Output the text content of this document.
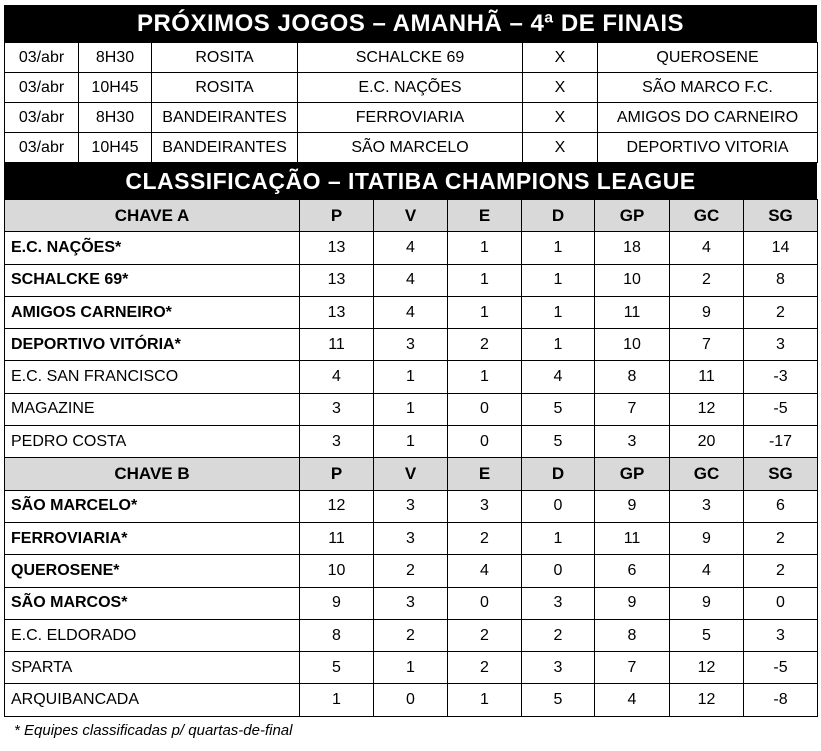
PRÓXIMOS JOGOS – AMANHÃ – 4ª DE FINAIS
03/abr	8H30	ROSITA	SCHALCKE 69	X	QUEROSENE
03/abr	10H45	ROSITA	E.C. NAÇÕES	X	SÃO MARCO F.C.
03/abr	8H30	BANDEIRANTES	FERROVIARIA	X	AMIGOS DO CARNEIRO
03/abr	10H45	BANDEIRANTES	SÃO MARCELO	X	DEPORTIVO VITORIA
CLASSIFICAÇÃO – ITATIBA CHAMPIONS LEAGUE
CHAVE A	P	V	E	D	GP	GC	SG
E.C. NAÇÕES*	13	4	1	1	18	4	14
SCHALCKE 69*	13	4	1	1	10	2	8
AMIGOS CARNEIRO*	13	4	1	1	11	9	2
DEPORTIVO VITÓRIA*	11	3	2	1	10	7	3
E.C. SAN FRANCISCO	4	1	1	4	8	11	-3
MAGAZINE	3	1	0	5	7	12	-5
PEDRO COSTA	3	1	0	5	3	20	-17
CHAVE B	P	V	E	D	GP	GC	SG
SÃO MARCELO*	12	3	3	0	9	3	6
FERROVIARIA*	11	3	2	1	11	9	2
QUEROSENE*	10	2	4	0	6	4	2
SÃO MARCOS*	9	3	0	3	9	9	0
E.C. ELDORADO	8	2	2	2	8	5	3
SPARTA	5	1	2	3	7	12	-5
ARQUIBANCADA	1	0	1	5	4	12	-8
* Equipes classificadas p/ quartas-de-final
